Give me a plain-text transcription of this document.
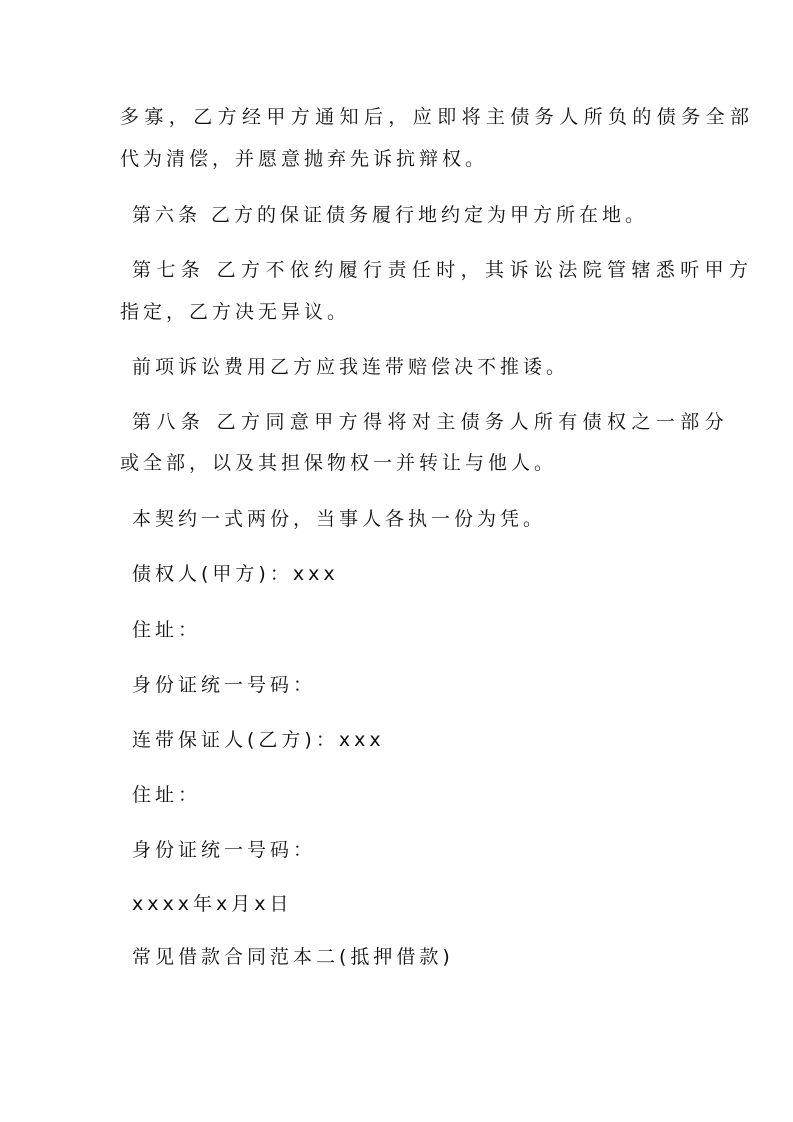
多寡，乙方经甲方通知后，应即将主债务人所负的债务全部
代为清偿，并愿意抛弃先诉抗辩权。
第六条 乙方的保证债务履行地约定为甲方所在地。
第七条 乙方不依约履行责任时，其诉讼法院管辖悉听甲方
指定，乙方决无异议。
前项诉讼费用乙方应我连带赔偿决不推诿。
第八条 乙方同意甲方得将对主债务人所有债权之一部分
或全部，以及其担保物权一并转让与他人。
本契约一式两份，当事人各执一份为凭。
债权人(甲方)：xxx
住址：
身份证统一号码：
连带保证人(乙方)：xxx
住址：
身份证统一号码：
xxxx年x月x日
常见借款合同范本二(抵押借款)
